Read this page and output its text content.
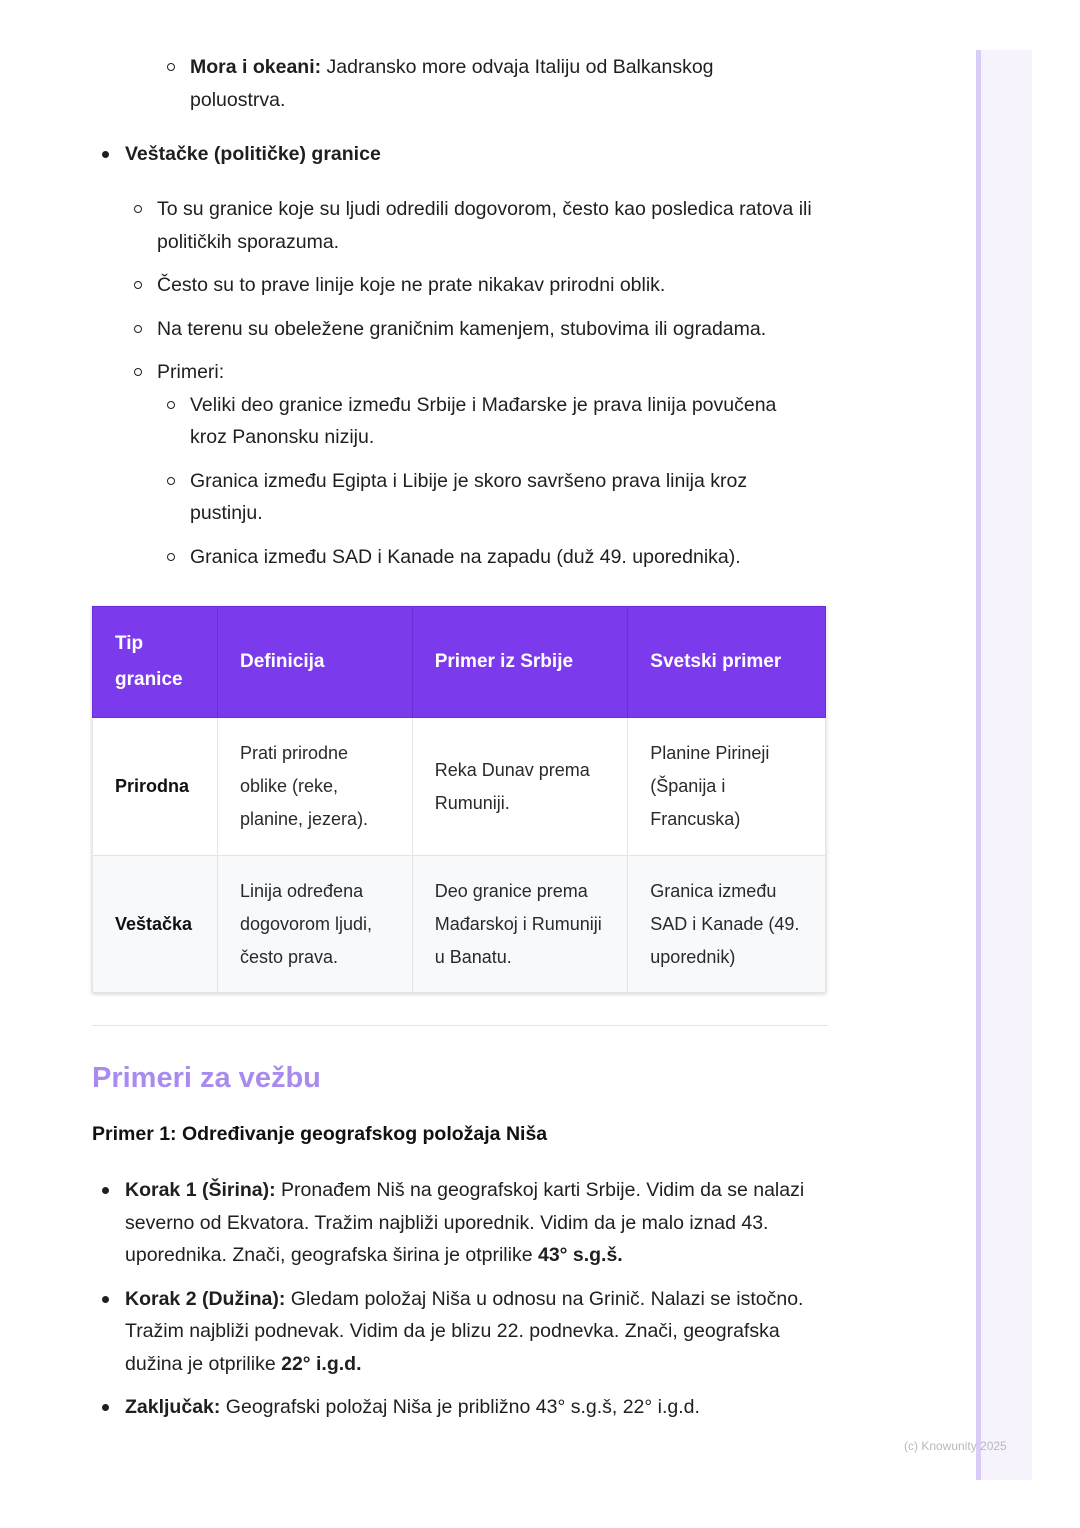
Mora i okeani: Jadransko more odvaja Italiju od Balkanskog poluostrva.
Veštačke (političke) granice
To su granice koje su ljudi odredili dogovorom, često kao posledica ratova ili političkih sporazuma.
Često su to prave linije koje ne prate nikakav prirodni oblik.
Na terenu su obeležene graničnim kamenjem, stubovima ili ogradama.
Primeri:
Veliki deo granice između Srbije i Mađarske je prava linija povučena kroz Panonsku niziju.
Granica između Egipta i Libije je skoro savršeno prava linija kroz pustinju.
Granica između SAD i Kanade na zapadu (duž 49. uporednika).
Tip granice	Definicija	Primer iz Srbije	Svetski primer
Prirodna	Prati prirodne oblike (reke, planine, jezera).	Reka Dunav prema Rumuniji.	Planine Pirineji (Španija i Francuska)
Veštačka	Linija određena dogovorom ljudi, često prava.	Deo granice prema Mađarskoj i Rumuniji u Banatu.	Granica između SAD i Kanade (49. uporednik)
Primeri za vežbu

Primer 1: Određivanje geografskog položaja Niša

Korak 1 (Širina): Pronađem Niš na geografskoj karti Srbije. Vidim da se nalazi severno od Ekvatora. Tražim najbliži uporednik. Vidim da je malo iznad 43. uporednika. Znači, geografska širina je otprilike 43° s.g.š.
Korak 2 (Dužina): Gledam položaj Niša u odnosu na Grinič. Nalazi se istočno. Tražim najbliži podnevak. Vidim da je blizu 22. podnevka. Znači, geografska dužina je otprilike 22° i.g.d.
Zaključak: Geografski položaj Niša je približno 43° s.g.š, 22° i.g.d.
(c) Knowunity 2025
